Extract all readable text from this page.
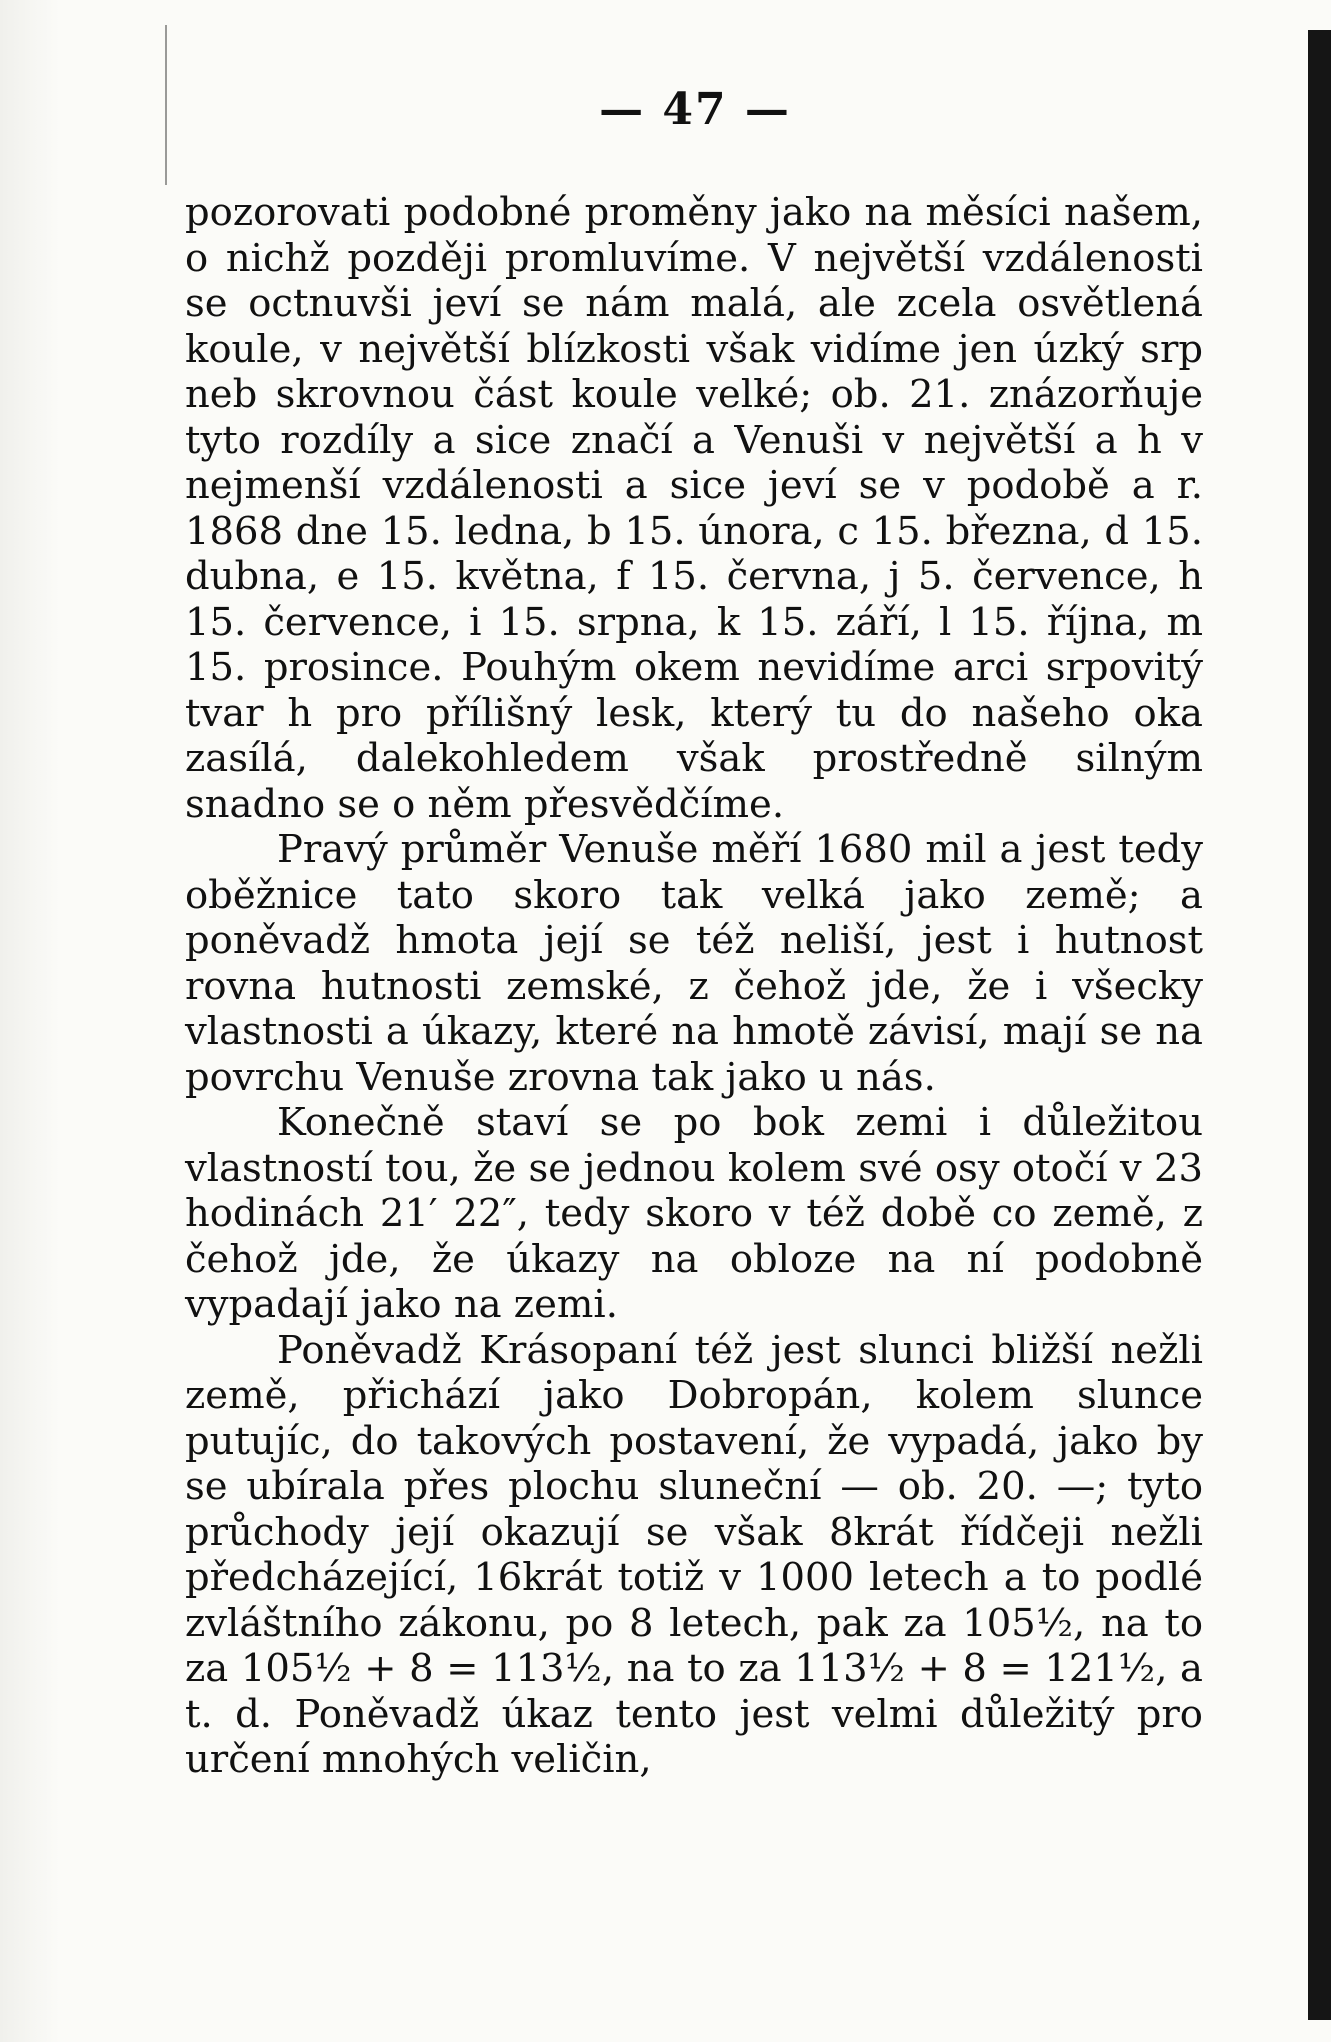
— 47 —

pozorovati podobné proměny jako na měsíci našem, o nichž později promluvíme. V největší vzdálenosti se octnuvši jeví se nám malá, ale zcela osvětlená koule, v největší blízkosti však vidíme jen úzký srp neb skrovnou část koule velké; ob. 21. znázorňuje tyto rozdíly a sice značí a Venuši v největší a h v nejmenší vzdálenosti a sice jeví se v podobě a r. 1868 dne 15. ledna, b 15. února, c 15. března, d 15. dubna, e 15. května, f 15. června, j 5. července, h 15. července, i 15. srpna, k 15. září, l 15. října, m 15. prosince. Pouhým okem nevidíme arci srpovitý tvar h pro přílišný lesk, který tu do našeho oka zasílá, dalekohledem však prostředně silným snadno se o něm přesvědčíme.

Pravý průměr Venuše měří 1680 mil a jest tedy oběžnice tato skoro tak velká jako země; a poněvadž hmota její se též neliší, jest i hutnost rovna hutnosti zemské, z čehož jde, že i všecky vlastnosti a úkazy, které na hmotě závisí, mají se na povrchu Venuše zrovna tak jako u nás.

Konečně staví se po bok zemi i důležitou vlastností tou, že se jednou kolem své osy otočí v 23 hodinách 21′ 22″, tedy skoro v též době co země, z čehož jde, že úkazy na obloze na ní podobně vypadají jako na zemi.

Poněvadž Krásopaní též jest slunci bližší nežli země, přichází jako Dobropán, kolem slunce putujíc, do takových postavení, že vypadá, jako by se ubírala přes plochu sluneční — ob. 20. —; tyto průchody její okazují se však 8krát řídčeji nežli předcházející, 16krát totiž v 1000 letech a to podlé zvláštního zákonu, po 8 letech, pak za 105½, na to za 105½ + 8 = 113½, na to za 113½ + 8 = 121½, a t. d. Poněvadž úkaz tento jest velmi důležitý pro určení mnohých veličin,
